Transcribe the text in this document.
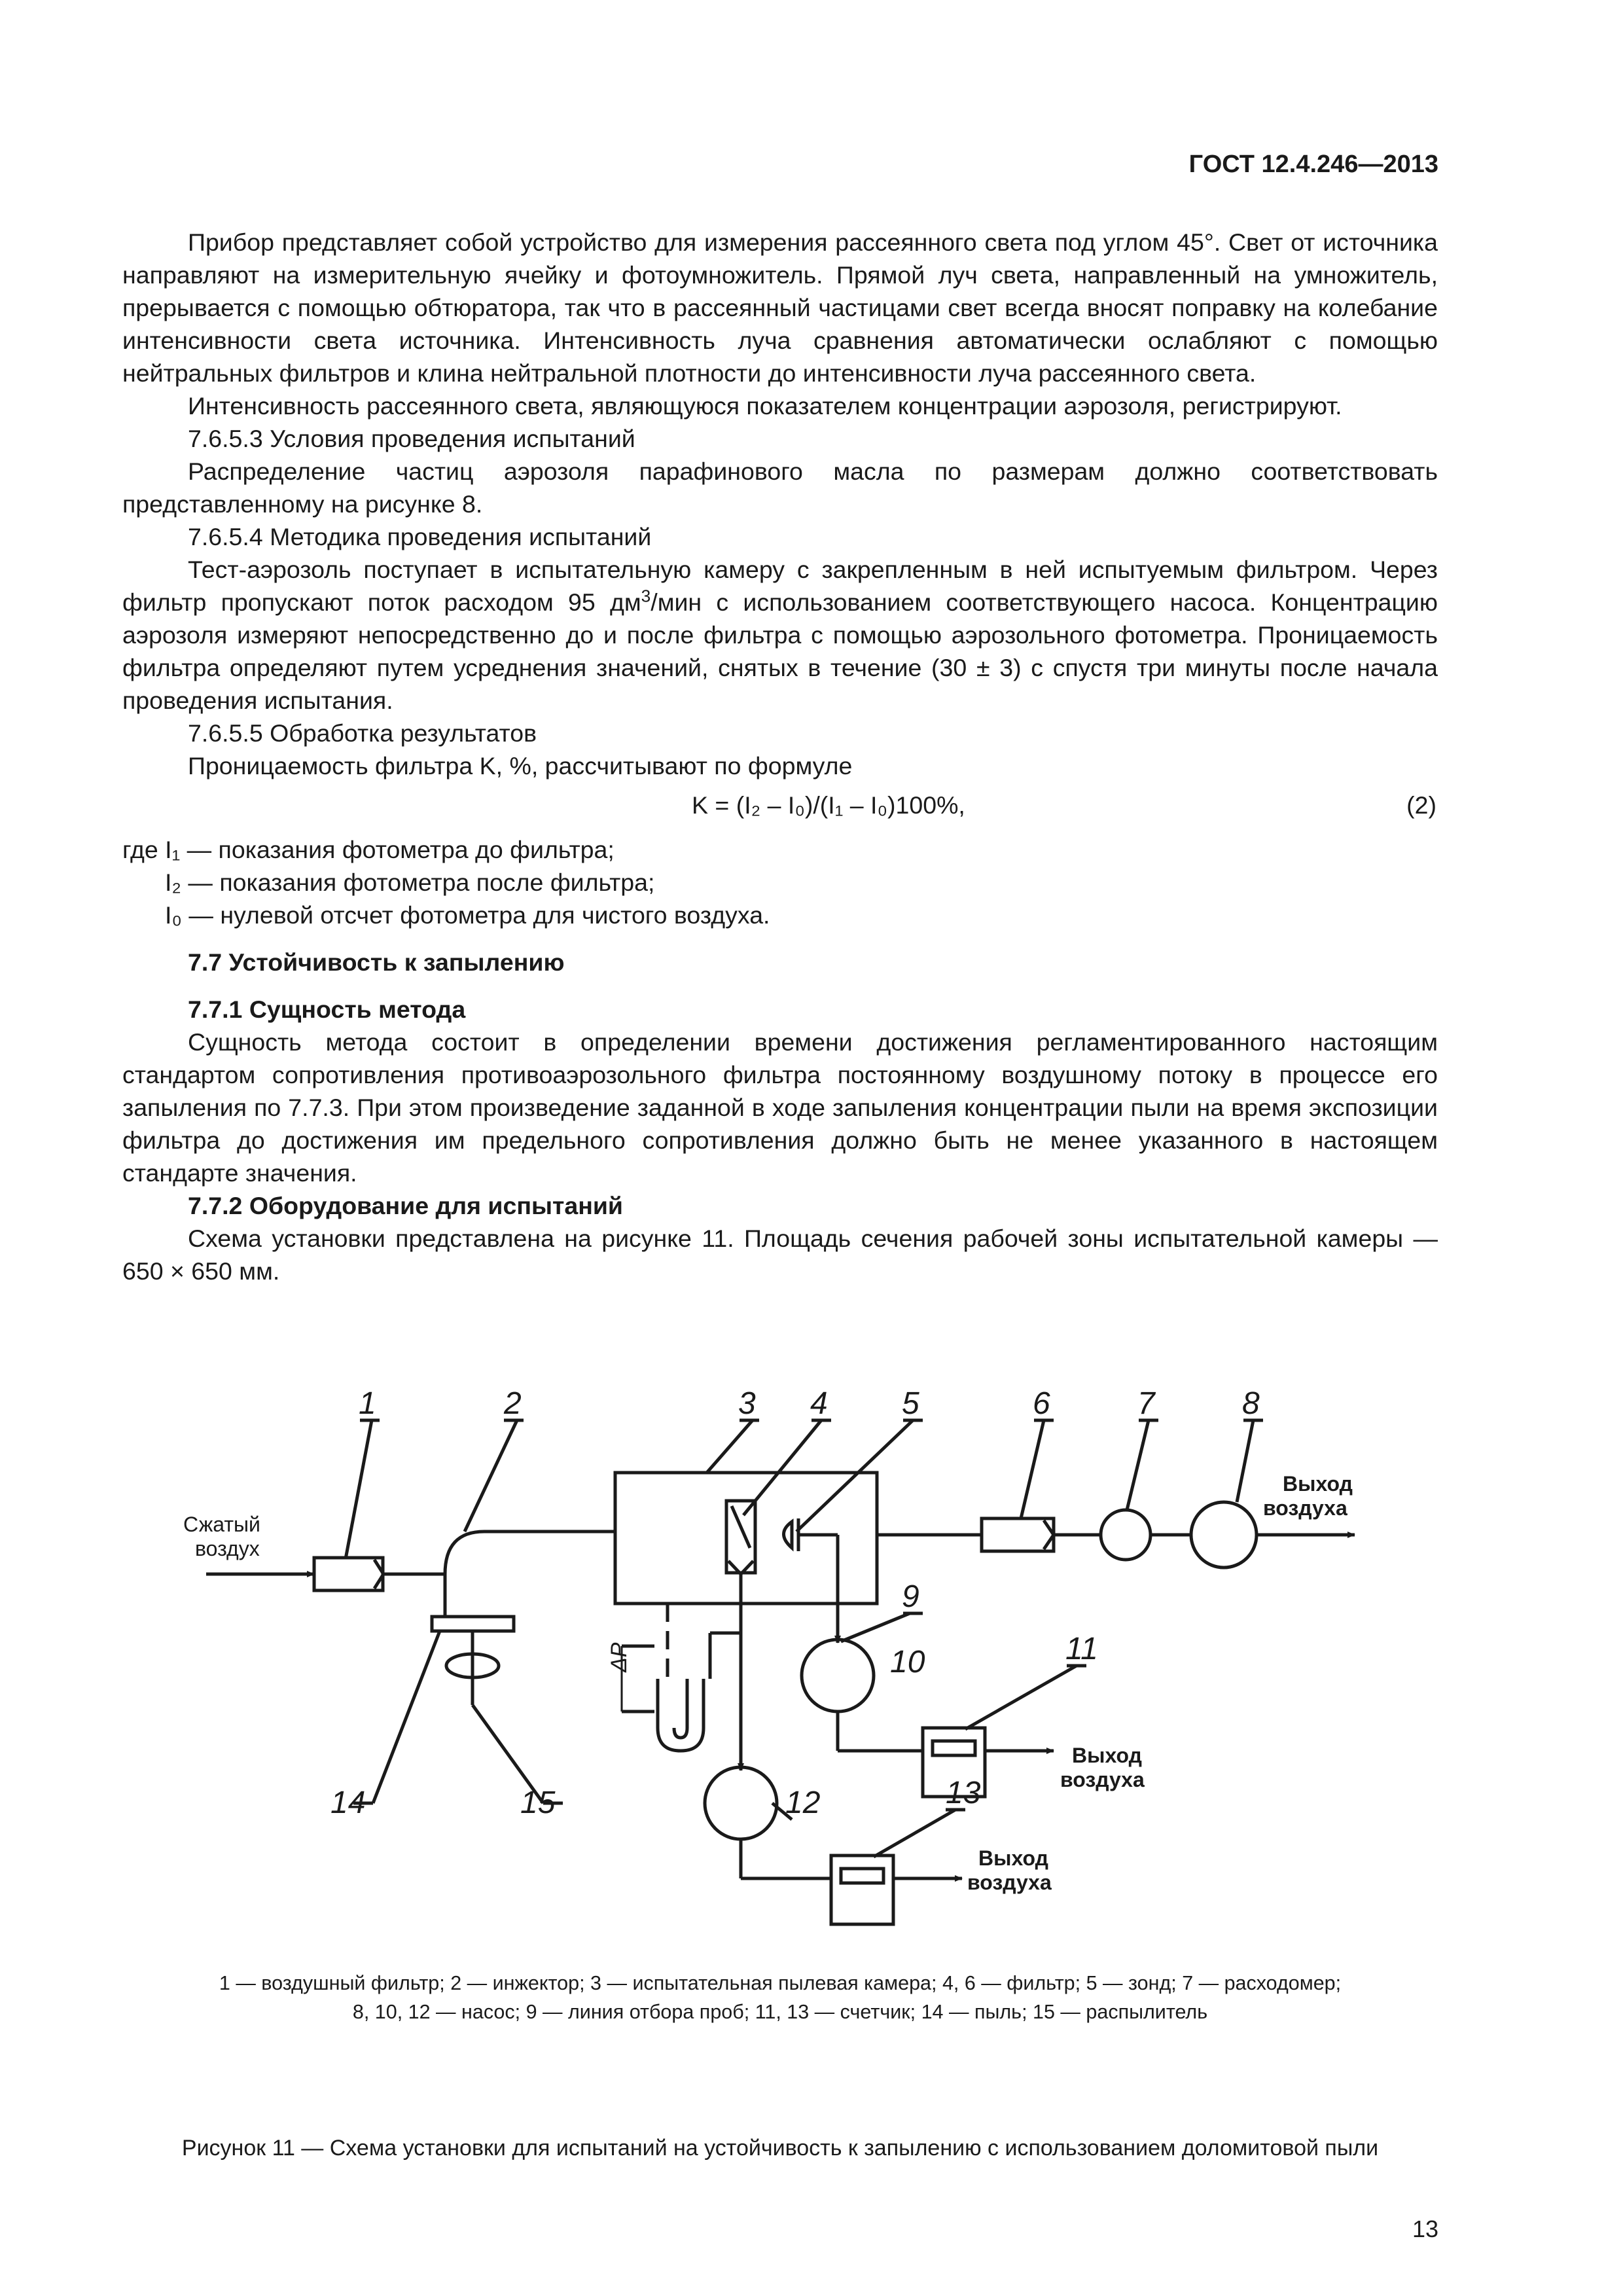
ГОСТ 12.4.246—2013

Прибор представляет собой устройство для измерения рассеянного света под углом 45°. Свет от источника направляют на измерительную ячейку и фотоумножитель. Прямой луч света, направленный на умножитель, прерывается с помощью обтюратора, так что в рассеянный частицами свет всегда вносят поправку на колебание интенсивности света источника. Интенсивность луча сравнения автоматически ослабляют с помощью нейтральных фильтров и клина нейтральной плотности до интенсивности луча рассеянного света.

Интенсивность рассеянного света, являющуюся показателем концентрации аэрозоля, регистрируют.

7.6.5.3 Условия проведения испытаний

Распределение частиц аэрозоля парафинового масла по размерам должно соответствовать представленному на рисунке 8.

7.6.5.4 Методика проведения испытаний

Тест-аэрозоль поступает в испытательную камеру с закрепленным в ней испытуемым фильтром. Через фильтр пропускают поток расходом 95 $дм^3$/мин с использованием соответствующего насоса. Концентрацию аэрозоля измеряют непосредственно до и после фильтра с помощью аэрозольного фотометра. Проницаемость фильтра определяют путем усреднения значений, снятых в течение (30 ± 3) с спустя три минуты после начала проведения испытания.

7.6.5.5 Обработка результатов

Проницаемость фильтра K, %, рассчитывают по формуле

K = (I₂ – I₀)/(I₁ – I₀)100%,	(2)

где I₁ — показания фотометра до фильтра;

I₂ — показания фотометра после фильтра;

I₀ — нулевой отсчет фотометра для чистого воздуха.

7.7 Устойчивость к запылению

7.7.1 Сущность метода

Сущность метода состоит в определении времени достижения регламентированного настоящим стандартом сопротивления противоаэрозольного фильтра постоянному воздушному потоку в процессе его запыления по 7.7.3. При этом произведение заданной в ходе запыления концентрации пыли на время экспозиции фильтра до достижения им предельного сопротивления должно быть не менее указанного в настоящем стандарте значения.

7.7.2 Оборудование для испытаний

Схема установки представлена на рисунке 11. Площадь сечения рабочей зоны испытательной камеры — 650 × 650 мм.

1	2	3 4 5	6	7	8
9
10	11
12	13
14	15
Сжатый
воздух
Выход
воздуха
Выход
воздуха
Выход
воздуха
ΔP
1 — воздушный фильтр; 2 — инжектор; 3 — испытательная пылевая камера; 4, 6 — фильтр; 5 — зонд; 7 — расходомер;
8, 10, 12 — насос; 9 — линия отбора проб; 11, 13 — счетчик; 14 — пыль; 15 — распылитель
Рисунок 11 — Схема установки для испытаний на устойчивость к запылению с использованием доломитовой пыли
13
